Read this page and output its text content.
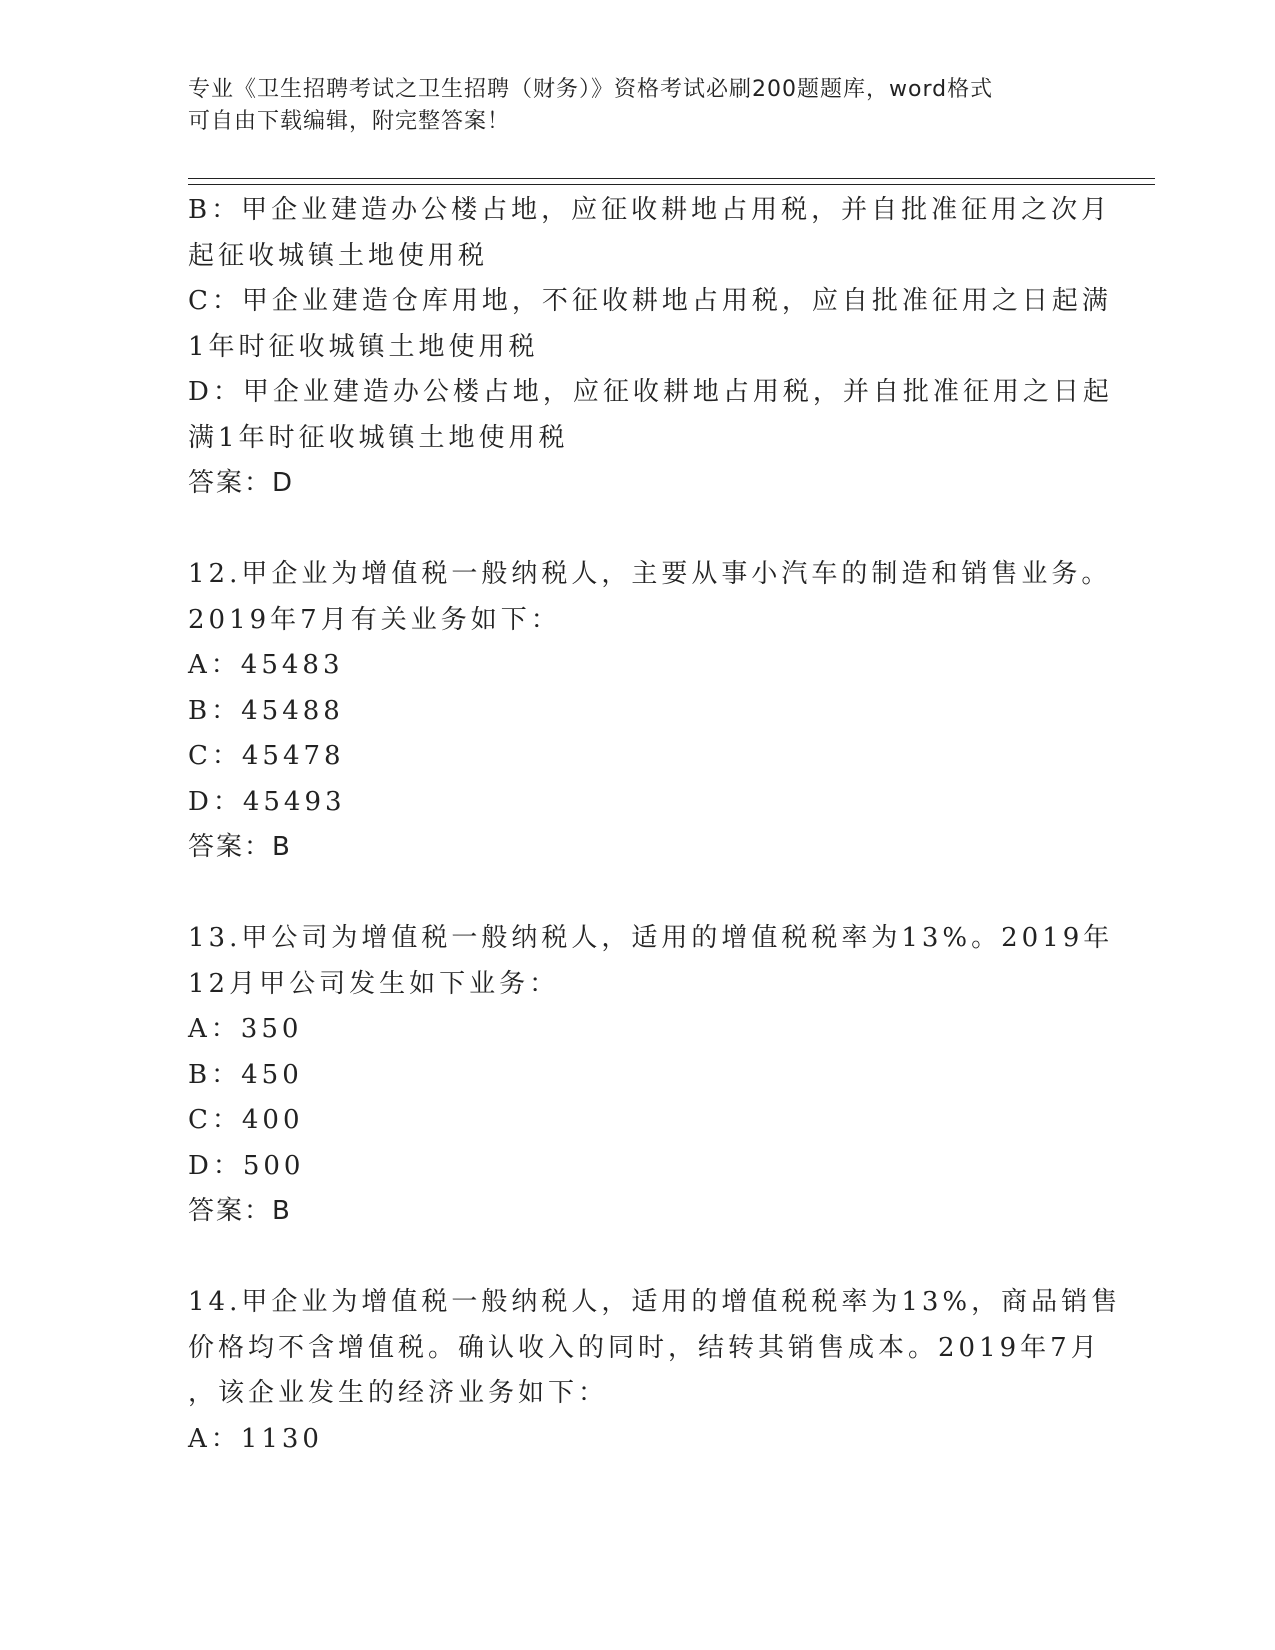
专业《卫生招聘考试之卫生招聘（财务）》资格考试必刷200题题库，word格式
可自由下载编辑，附完整答案！
B：甲企业建造办公楼占地，应征收耕地占用税，并自批准征用之次月
起征收城镇土地使用税
C：甲企业建造仓库用地，不征收耕地占用税，应自批准征用之日起满
1年时征收城镇土地使用税
D：甲企业建造办公楼占地，应征收耕地占用税，并自批准征用之日起
满1年时征收城镇土地使用税
答案：D
12.甲企业为增值税一般纳税人，主要从事小汽车的制造和销售业务。
2019年7月有关业务如下：
A：45483
B：45488
C：45478
D：45493
答案：B
13.甲公司为增值税一般纳税人，适用的增值税税率为13%。2019年
12月甲公司发生如下业务：
A：350
B：450
C：400
D：500
答案：B
14.甲企业为增值税一般纳税人，适用的增值税税率为13%，商品销售
价格均不含增值税。确认收入的同时，结转其销售成本。2019年7月
，该企业发生的经济业务如下：
A：1130
